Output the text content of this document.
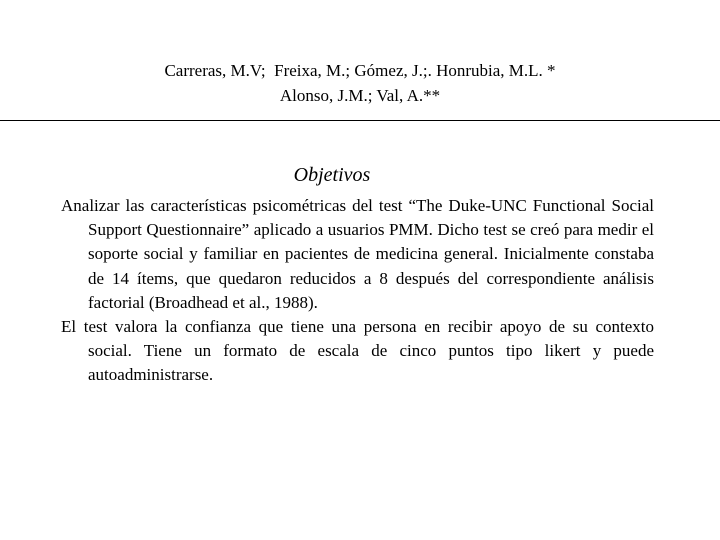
Carreras, M.V;  Freixa, M.; Gómez, J.;. Honrubia, M.L. *
Alonso, J.M.; Val, A.**
Objetivos

Analizar las características psicométricas del test “The Duke-UNC Functional Social Support Questionnaire” aplicado a usuarios PMM. Dicho test se creó para medir el soporte social y familiar en pacientes de medicina general. Inicialmente constaba de 14 ítems, que quedaron reducidos a 8 después del correspondiente análisis factorial (Broadhead et al., 1988).

El test valora la confianza que tiene una persona en recibir apoyo de su contexto social. Tiene un formato de escala de cinco puntos tipo likert y puede autoadministrarse.
